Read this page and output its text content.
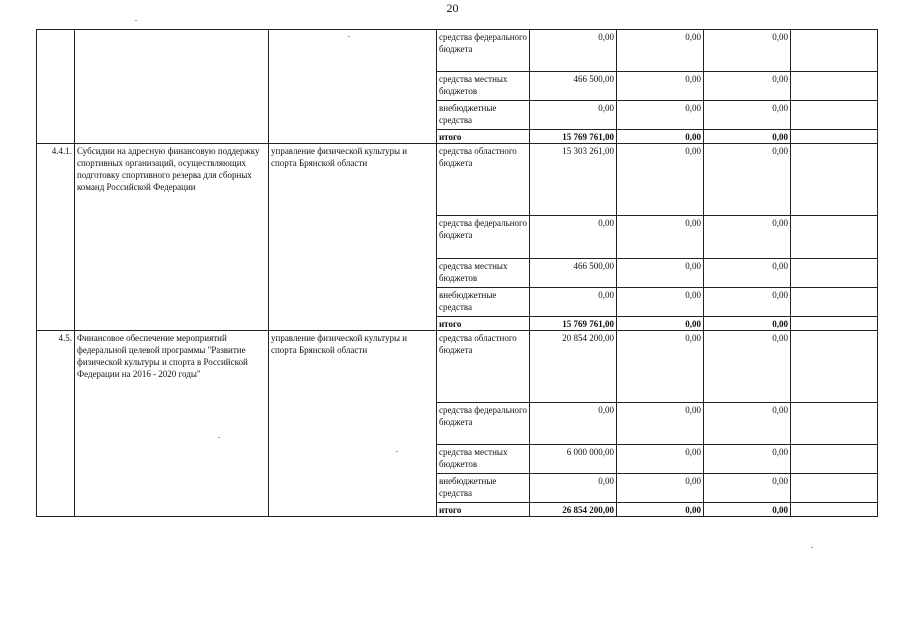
20
			средства федерального бюджета	0,00	0,00	0,00	
			средства местных бюджетов	466 500,00	0,00	0,00	
			внебюджетные средства	0,00	0,00	0,00	
			итого	15 769 761,00	0,00	0,00	
4.4.1.	Субсидии на адресную финансовую поддержку спортивных организаций, осуществляющих подготовку спортивного резерва для сборных команд Российской Федерации	управление физической культуры и спорта Брянской области	средства областного бюджета	15 303 261,00	0,00	0,00	
			средства федерального бюджета	0,00	0,00	0,00	
			средства местных бюджетов	466 500,00	0,00	0,00	
			внебюджетные средства	0,00	0,00	0,00	
			итого	15 769 761,00	0,00	0,00	
4.5.	Финансовое обеспечение мероприятий федеральной целевой программы "Развитие физической культуры и спорта в Российской Федерации на 2016 - 2020 годы"	управление физической культуры и спорта Брянской области	средства областного бюджета	20 854 200,00	0,00	0,00	
			средства федерального бюджета	0,00	0,00	0,00	
			средства местных бюджетов	6 000 000,00	0,00	0,00	
			внебюджетные средства	0,00	0,00	0,00	
			итого	26 854 200,00	0,00	0,00	
